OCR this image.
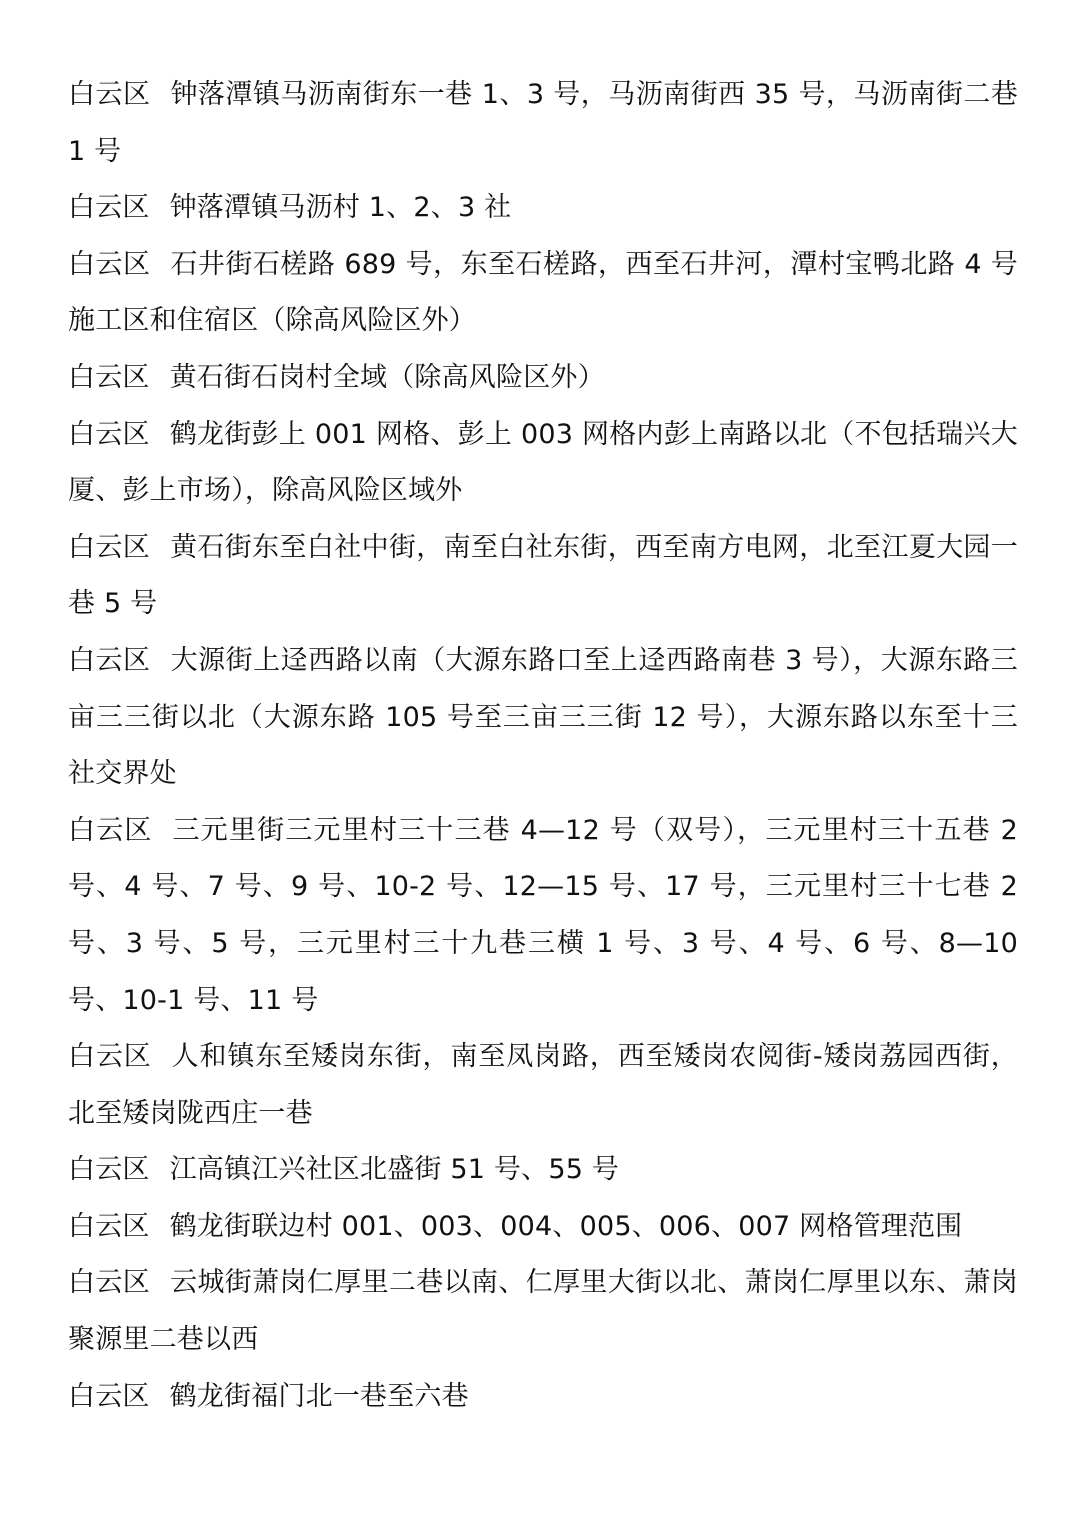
白云区 钟落潭镇马沥南街东一巷 1、3 号，马沥南街西 35 号，马沥南街二巷 1 号

白云区 钟落潭镇马沥村 1、2、3 社

白云区 石井街石槎路 689 号，东至石槎路，西至石井河，潭村宝鸭北路 4 号施工区和住宿区（除高风险区外）

白云区 黄石街石岗村全域（除高风险区外）

白云区 鹤龙街彭上 001 网格、彭上 003 网格内彭上南路以北（不包括瑞兴大厦、彭上市场），除高风险区域外

白云区 黄石街东至白社中街，南至白社东街，西至南方电网，北至江夏大园一巷 5 号

白云区 大源街上迳西路以南（大源东路口至上迳西路南巷 3 号），大源东路三亩三三街以北（大源东路 105 号至三亩三三街 12 号），大源东路以东至十三社交界处

白云区 三元里街三元里村三十三巷 4—12 号（双号），三元里村三十五巷 2 号、4 号、7 号、9 号、10-2 号、12—15 号、17 号，三元里村三十七巷 2 号、3 号、5 号，三元里村三十九巷三横 1 号、3 号、4 号、6 号、8—10 号、10-1 号、11 号

白云区 人和镇东至矮岗东街，南至凤岗路，西至矮岗农阅街-矮岗荔园西街，北至矮岗陇西庄一巷

白云区 江高镇江兴社区北盛街 51 号、55 号

白云区 鹤龙街联边村 001、003、004、005、006、007 网格管理范围

白云区 云城街萧岗仁厚里二巷以南、仁厚里大街以北、萧岗仁厚里以东、萧岗聚源里二巷以西

白云区 鹤龙街福门北一巷至六巷
